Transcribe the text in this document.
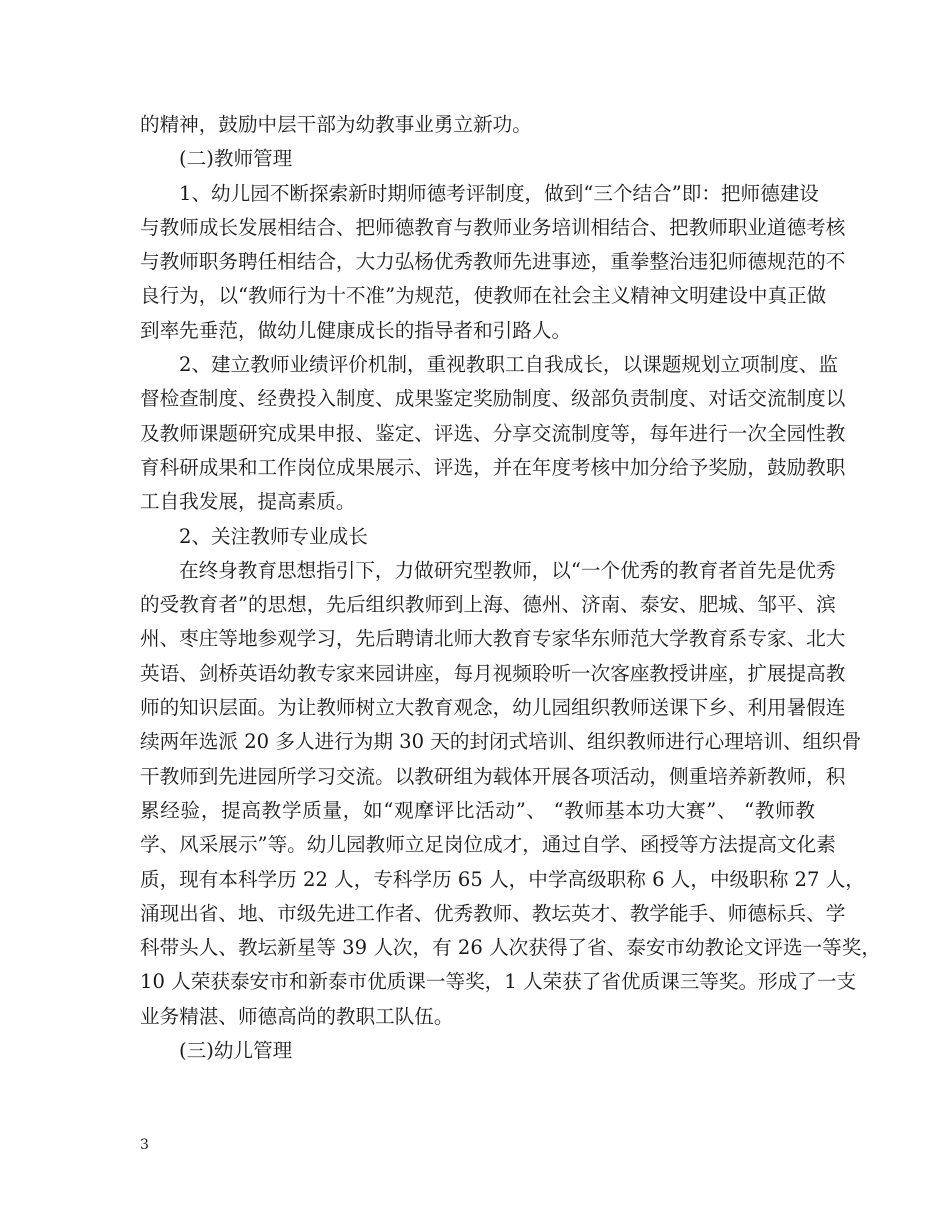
的精神，鼓励中层干部为幼教事业勇立新功。
(二)教师管理
1、幼儿园不断探索新时期师德考评制度，做到“三个结合”即：把师德建设
与教师成长发展相结合、把师德教育与教师业务培训相结合、把教师职业道德考核
与教师职务聘任相结合，大力弘杨优秀教师先进事迹，重拳整治违犯师德规范的不
良行为，以“教师行为十不准”为规范，使教师在社会主义精神文明建设中真正做
到率先垂范，做幼儿健康成长的指导者和引路人。
2、建立教师业绩评价机制，重视教职工自我成长，以课题规划立项制度、监
督检查制度、经费投入制度、成果鉴定奖励制度、级部负责制度、对话交流制度以
及教师课题研究成果申报、鉴定、评选、分享交流制度等，每年进行一次全园性教
育科研成果和工作岗位成果展示、评选，并在年度考核中加分给予奖励，鼓励教职
工自我发展，提高素质。
2、关注教师专业成长
在终身教育思想指引下，力做研究型教师，以“一个优秀的教育者首先是优秀
的受教育者”的思想，先后组织教师到上海、德州、济南、泰安、肥城、邹平、滨
州、枣庄等地参观学习，先后聘请北师大教育专家华东师范大学教育系专家、北大
英语、剑桥英语幼教专家来园讲座，每月视频聆听一次客座教授讲座，扩展提高教
师的知识层面。为让教师树立大教育观念，幼儿园组织教师送课下乡、利用暑假连
续两年选派 20 多人进行为期 30 天的封闭式培训、组织教师进行心理培训、组织骨
干教师到先进园所学习交流。以教研组为载体开展各项活动，侧重培养新教师，积
累经验，提高教学质量，如“观摩评比活动”、 “教师基本功大赛”、 “教师教
学、风采展示”等。幼儿园教师立足岗位成才，通过自学、函授等方法提高文化素
质，现有本科学历 22 人，专科学历 65 人，中学高级职称 6 人，中级职称 27 人，
涌现出省、地、市级先进工作者、优秀教师、教坛英才、教学能手、师德标兵、学
科带头人、教坛新星等 39 人次，有 26 人次获得了省、泰安市幼教论文评选一等奖，
10 人荣获泰安市和新泰市优质课一等奖，1 人荣获了省优质课三等奖。形成了一支
业务精湛、师德高尚的教职工队伍。
(三)幼儿管理
3
